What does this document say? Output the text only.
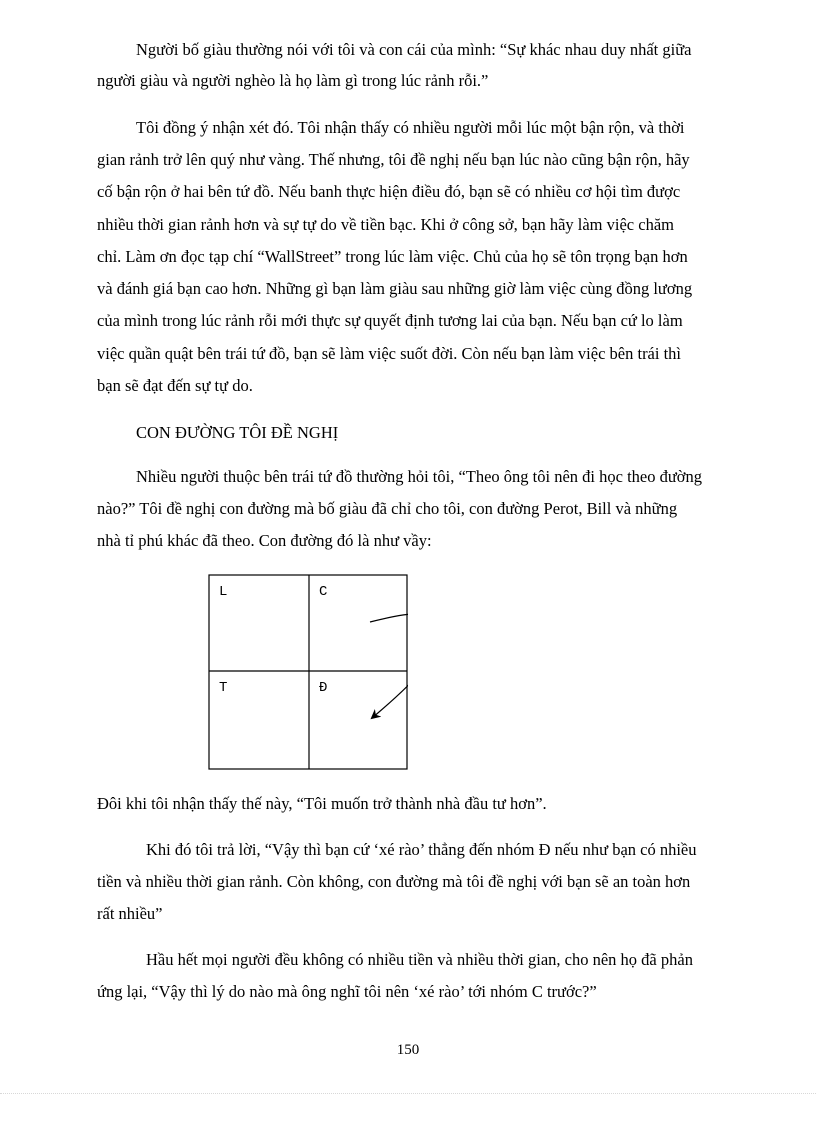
Người bố giàu thường nói với tôi và con cái của mình: “Sự khác nhau duy nhất giữa

người giàu và người nghèo là họ làm gì trong lúc rảnh rỗi.”

Tôi đồng ý nhận xét đó. Tôi nhận thấy có nhiều người mỗi lúc một bận rộn, và thời

gian rảnh trở lên quý như vàng. Thế nhưng, tôi đề nghị nếu bạn lúc nào cũng bận rộn, hãy

cố bận rộn ở hai bên tứ đồ. Nếu banh thực hiện điều đó, bạn sẽ có nhiều cơ hội tìm được

nhiều thời gian rảnh hơn và sự tự do về tiền bạc. Khi ở công sở, bạn hãy làm việc chăm

chỉ. Làm ơn đọc tạp chí “WallStreet” trong lúc làm việc. Chủ của họ sẽ tôn trọng bạn hơn

và đánh giá bạn cao hơn. Những gì bạn làm giàu sau những giờ làm việc cùng đồng lương

của mình trong lúc rảnh rỗi mới thực sự quyết định tương lai của bạn. Nếu bạn cứ lo làm

việc quần quật bên trái tứ đồ, bạn sẽ làm việc suốt đời. Còn nếu bạn làm việc bên trái thì

bạn sẽ đạt đến sự tự do.

CON ĐƯỜNG TÔI ĐỀ NGHỊ

Nhiều người thuộc bên trái tứ đồ thường hỏi tôi, “Theo ông tôi nên đi học theo đường

nào?” Tôi đề nghị con đường mà bố giàu đã chỉ cho tôi, con đường Perot, Bill và những

nhà tỉ phú khác đã theo. Con đường đó là như vầy:

L	C
T	Đ

Đôi khi tôi nhận thấy thế này, “Tôi muốn trở thành nhà đầu tư hơn”.

Khi đó tôi trả lời, “Vậy thì bạn cứ ‘xé rào’ thẳng đến nhóm Đ nếu như bạn có nhiều

tiền và nhiều thời gian rảnh. Còn không, con đường mà tôi đề nghị với bạn sẽ an toàn hơn

rất nhiều”

Hầu hết mọi người đều không có nhiều tiền và nhiều thời gian, cho nên họ đã phản

ứng lại, “Vậy thì lý do nào mà ông nghĩ tôi nên ‘xé rào’ tới nhóm C trước?”

150
